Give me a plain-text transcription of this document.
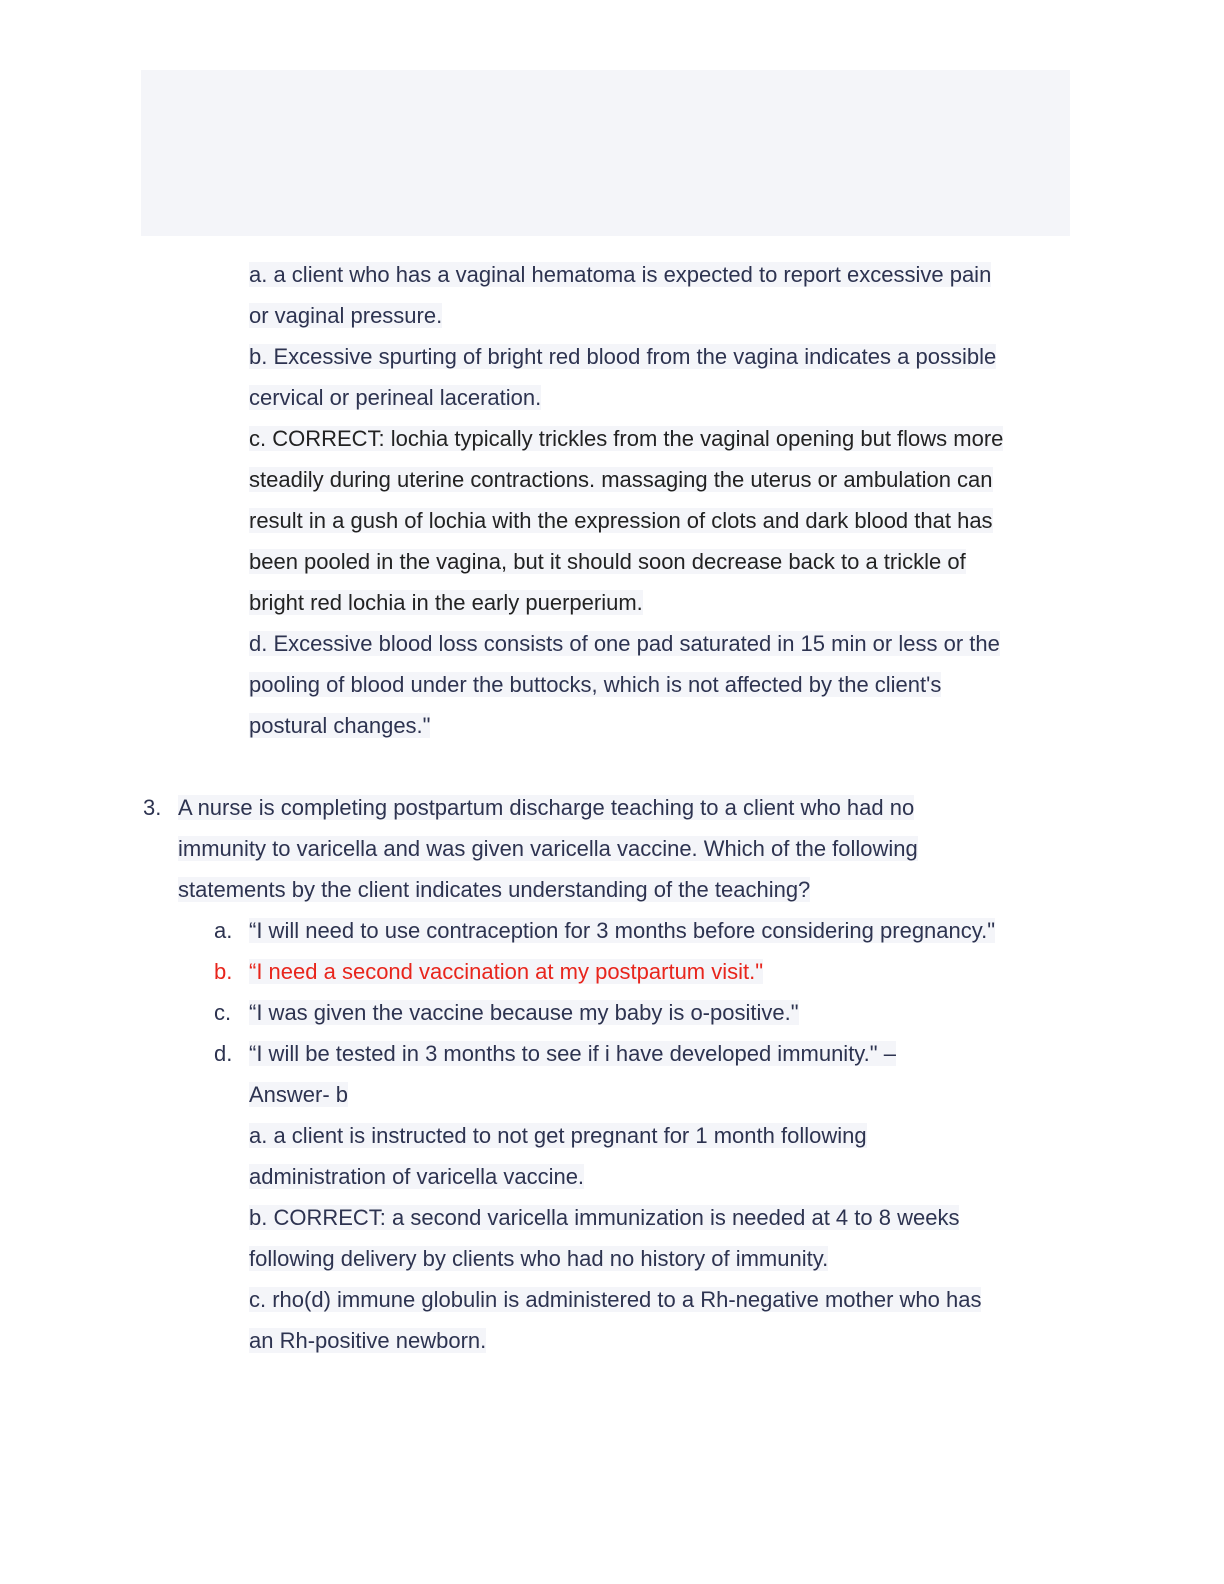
a. a client who has a vaginal hematoma is expected to report excessive pain
or vaginal pressure.
b. Excessive spurting of bright red blood from the vagina indicates a possible
cervical or perineal laceration.
c. CORRECT: lochia typically trickles from the vaginal opening but flows more
steadily during uterine contractions. massaging the uterus or ambulation can
result in a gush of lochia with the expression of clots and dark blood that has
been pooled in the vagina, but it should soon decrease back to a trickle of
bright red lochia in the early puerperium.
d. Excessive blood loss consists of one pad saturated in 15 min or less or the
pooling of blood under the buttocks, which is not affected by the client's
postural changes."
3. A nurse is completing postpartum discharge teaching to a client who had no
immunity to varicella and was given varicella vaccine. Which of the following
statements by the client indicates understanding of the teaching?
a. “I will need to use contraception for 3 months before considering pregnancy."
b. “I need a second vaccination at my postpartum visit."
c. “I was given the vaccine because my baby is o-positive."
d. “I will be tested in 3 months to see if i have developed immunity." –
Answer- b
a. a client is instructed to not get pregnant for 1 month following
administration of varicella vaccine.
b. CORRECT: a second varicella immunization is needed at 4 to 8 weeks
following delivery by clients who had no history of immunity.
c. rho(d) immune globulin is administered to a Rh-negative mother who has
an Rh-positive newborn.
